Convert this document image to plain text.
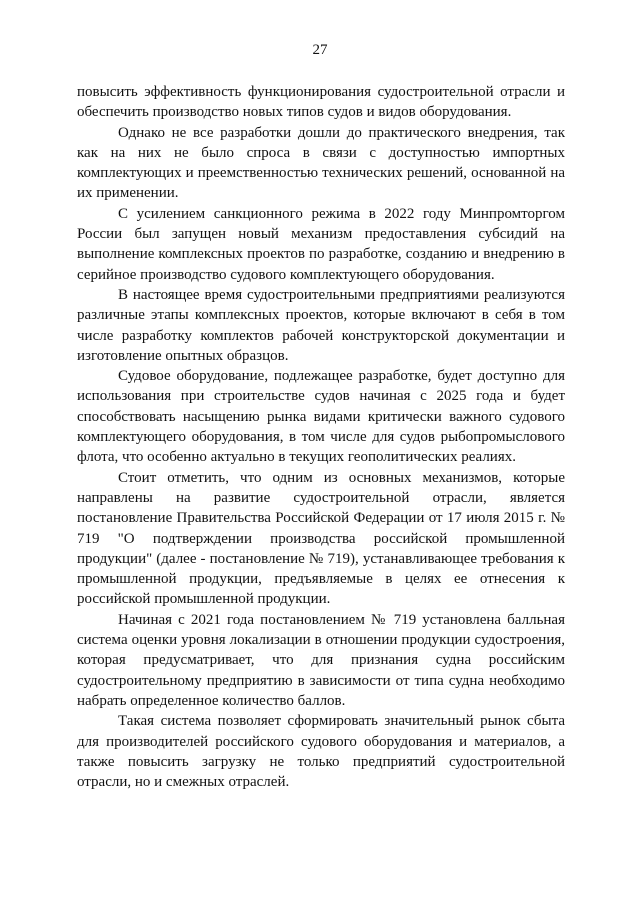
27

повысить эффективность функционирования судостроительной отрасли и обеспечить производство новых типов судов и видов оборудования.

Однако не все разработки дошли до практического внедрения, так как на них не было спроса в связи с доступностью импортных комплектующих и преемственностью технических решений, основанной на их применении.

С усилением санкционного режима в 2022 году Минпромторгом России был запущен новый механизм предоставления субсидий на выполнение комплексных проектов по разработке, созданию и внедрению в серийное производство судового комплектующего оборудования.

В настоящее время судостроительными предприятиями реализуются различные этапы комплексных проектов, которые включают в себя в том числе разработку комплектов рабочей конструкторской документации и изготовление опытных образцов.

Судовое оборудование, подлежащее разработке, будет доступно для использования при строительстве судов начиная с 2025 года и будет способствовать насыщению рынка видами критически важного судового комплектующего оборудования, в том числе для судов рыбопромыслового флота, что особенно актуально в текущих геополитических реалиях.

Стоит отметить, что одним из основных механизмов, которые направлены на развитие судостроительной отрасли, является постановление Правительства Российской Федерации от 17 июля 2015 г. № 719 "О подтверждении производства российской промышленной продукции" (далее - постановление № 719), устанавливающее требования к промышленной продукции, предъявляемые в целях ее отнесения к российской промышленной продукции.

Начиная с 2021 года постановлением № 719 установлена балльная система оценки уровня локализации в отношении продукции судостроения, которая предусматривает, что для признания судна российским судостроительному предприятию в зависимости от типа судна необходимо набрать определенное количество баллов.

Такая система позволяет сформировать значительный рынок сбыта для производителей российского судового оборудования и материалов, а также повысить загрузку не только предприятий судостроительной отрасли, но и смежных отраслей.
